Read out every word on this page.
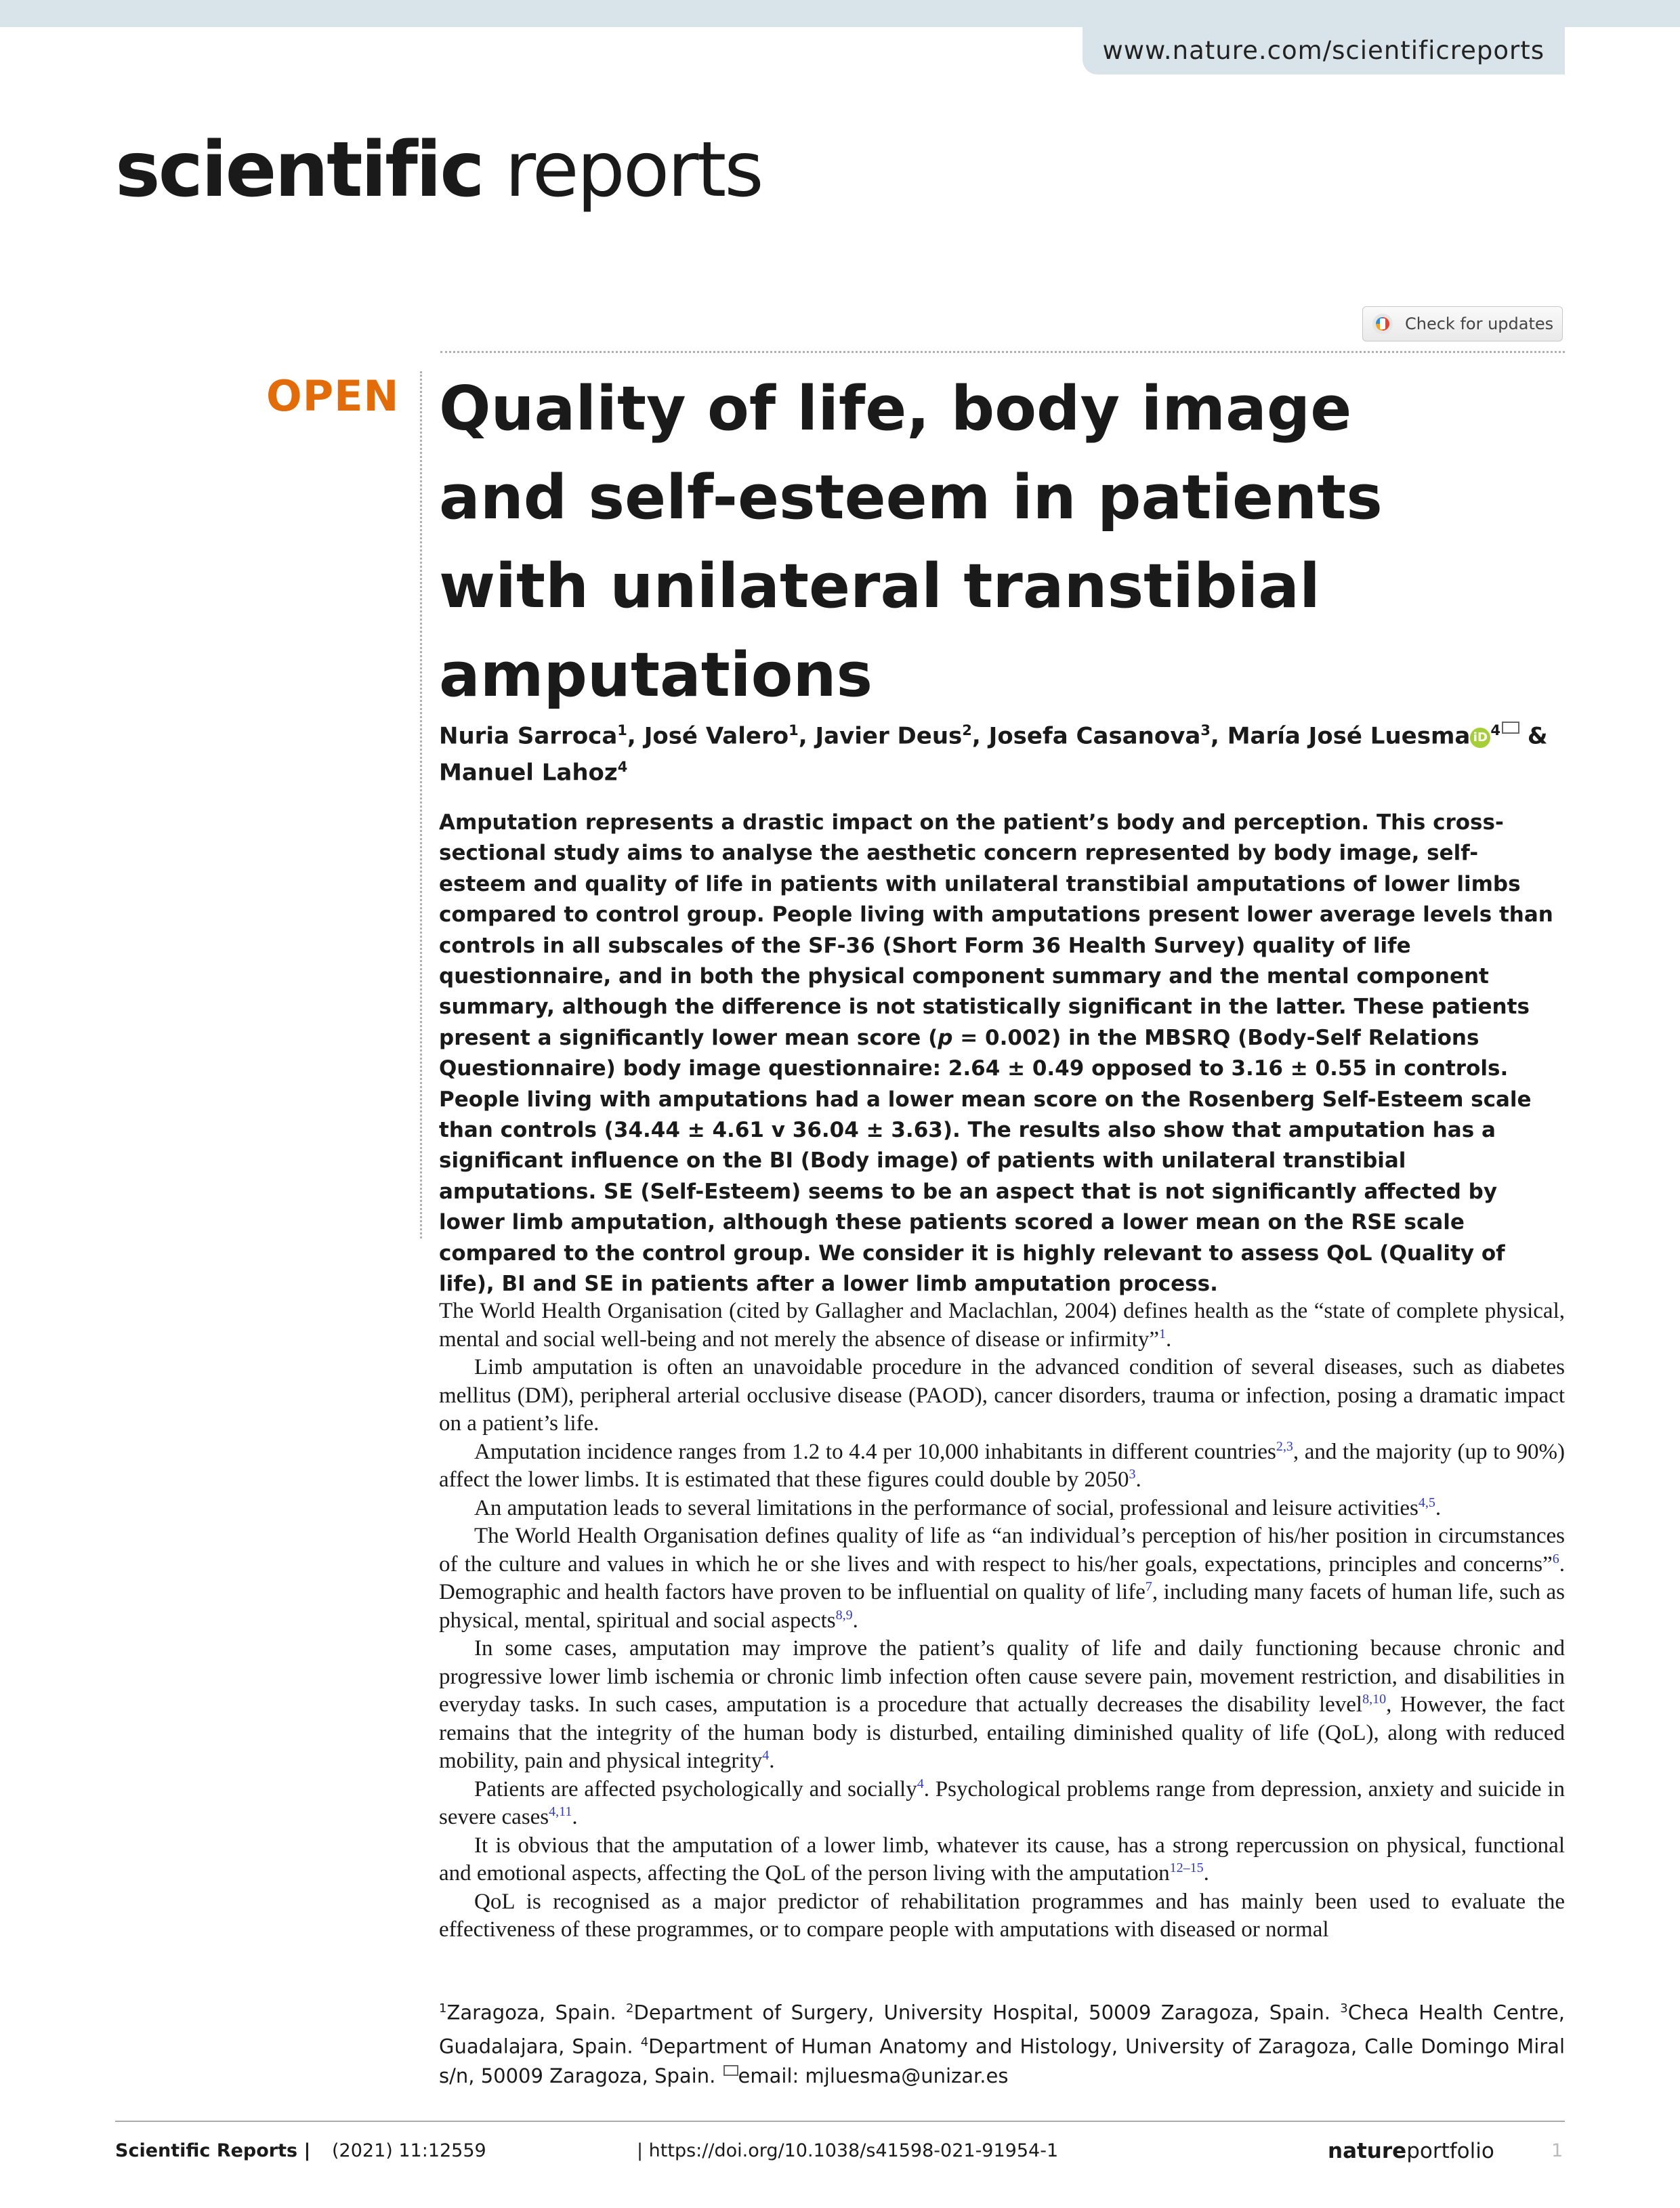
www.nature.com/scientificreports
scientific reports
Check for updates
OPEN Quality of life, body image and self-esteem in patients with unilateral transtibial amputations
Nuria Sarroca$^1$, José Valero$^1$, Javier Deus$^2$, Josefa Casanova$^3$, María José Luesma iD $^4$ &
Manuel Lahoz$^4$
Amputation represents a drastic impact on the patient’s body and perception. This cross-sectional study aims to analyse the aesthetic concern represented by body image, self-esteem and quality of life in patients with unilateral transtibial amputations of lower limbs compared to control group. People living with amputations present lower average levels than controls in all subscales of the SF-36 (Short Form 36 Health Survey) quality of life questionnaire, and in both the physical component summary and the mental component summary, although the difference is not statistically significant in the latter. These patients present a significantly lower mean score (p = 0.002) in the MBSRQ (Body-Self Relations Questionnaire) body image questionnaire: 2.64 ± 0.49 opposed to 3.16 ± 0.55 in controls. People living with amputations had a lower mean score on the Rosenberg Self-Esteem scale than controls (34.44 ± 4.61 v 36.04 ± 3.63). The results also show that amputation has a significant influence on the BI (Body image) of patients with unilateral transtibial amputations. SE (Self-Esteem) seems to be an aspect that is not significantly affected by lower limb amputation, although these patients scored a lower mean on the RSE scale compared to the control group. We consider it is highly relevant to assess QoL (Quality of life), BI and SE in patients after a lower limb amputation process.

The World Health Organisation (cited by Gallagher and Maclachlan, 2004) defines health as the “state of complete physical, mental and social well-being and not merely the absence of disease or infirmity”$^1$.

Limb amputation is often an unavoidable procedure in the advanced condition of several diseases, such as diabetes mellitus (DM), peripheral arterial occlusive disease (PAOD), cancer disorders, trauma or infection, posing a dramatic impact on a patient’s life.

Amputation incidence ranges from 1.2 to 4.4 per 10,000 inhabitants in different countries$^{2,3}$, and the majority (up to 90%) affect the lower limbs. It is estimated that these figures could double by 2050$^3$.

An amputation leads to several limitations in the performance of social, professional and leisure activities$^{4,5}$.

The World Health Organisation defines quality of life as “an individual’s perception of his/her position in circumstances of the culture and values in which he or she lives and with respect to his/her goals, expectations, principles and concerns”$^6$. Demographic and health factors have proven to be influential on quality of life$^7$, including many facets of human life, such as physical, mental, spiritual and social aspects$^{8,9}$.

In some cases, amputation may improve the patient’s quality of life and daily functioning because chronic and progressive lower limb ischemia or chronic limb infection often cause severe pain, movement restriction, and disabilities in everyday tasks. In such cases, amputation is a procedure that actually decreases the disability level$^{8,10}$, However, the fact remains that the integrity of the human body is disturbed, entailing diminished quality of life (QoL), along with reduced mobility, pain and physical integrity$^4$.

Patients are affected psychologically and socially$^4$. Psychological problems range from depression, anxiety and suicide in severe cases$^{4,11}$.

It is obvious that the amputation of a lower limb, whatever its cause, has a strong repercussion on physical, functional and emotional aspects, affecting the QoL of the person living with the amputation$^{12-15}$.

QoL is recognised as a major predictor of rehabilitation programmes and has mainly been used to evaluate the effectiveness of these programmes, or to compare people with amputations with diseased or normal

$^1$Zaragoza, Spain. $^2$Department of Surgery, University Hospital, 50009 Zaragoza, Spain. $^3$Checa Health Centre, Guadalajara, Spain. $^4$Department of Human Anatomy and Histology, University of Zaragoza, Calle Domingo Miral s/n, 50009 Zaragoza, Spain. email: mjluesma@unizar.es
Scientific Reports | (2021) 11:12559	| https://doi.org/10.1038/s41598-021-91954-1	natureportfolio	1
